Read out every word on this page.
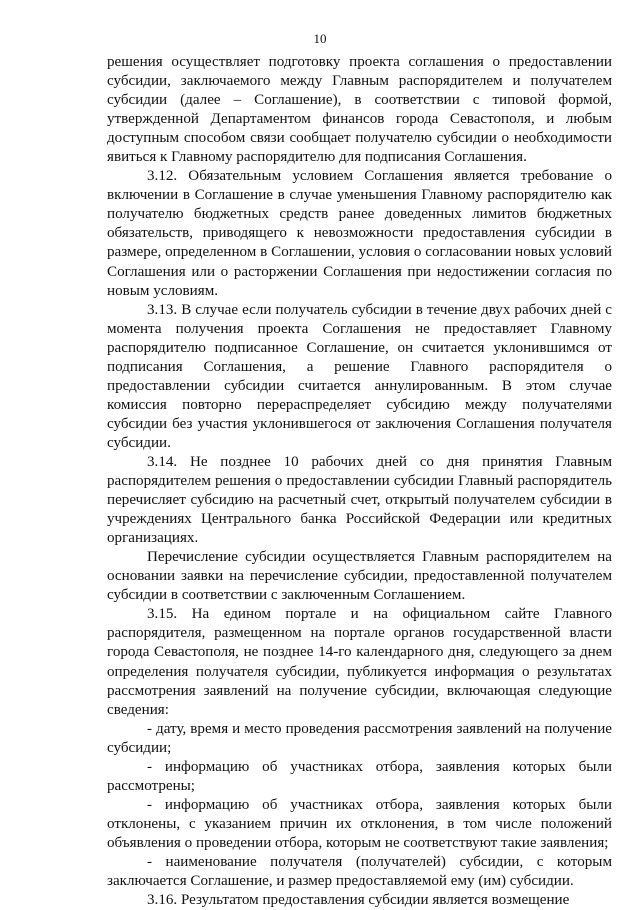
10

решения осуществляет подготовку проекта соглашения о предоставлении субсидии, заключаемого между Главным распорядителем и получателем субсидии (далее – Соглашение), в соответствии с типовой формой, утвержденной Департаментом финансов города Севастополя, и любым доступным способом связи сообщает получателю субсидии о необходимости явиться к Главному распорядителю для подписания Соглашения.

3.12. Обязательным условием Соглашения является требование о включении в Соглашение в случае уменьшения Главному распорядителю как получателю бюджетных средств ранее доведенных лимитов бюджетных обязательств, приводящего к невозможности предоставления субсидии в размере, определенном в Соглашении, условия о согласовании новых условий Соглашения или о расторжении Соглашения при недостижении согласия по новым условиям.

3.13. В случае если получатель субсидии в течение двух рабочих дней с момента получения проекта Соглашения не предоставляет Главному распорядителю подписанное Соглашение, он считается уклонившимся от подписания Соглашения, а решение Главного распорядителя о предоставлении субсидии считается аннулированным. В этом случае комиссия повторно перераспределяет субсидию между получателями субсидии без участия уклонившегося от заключения Соглашения получателя субсидии.

3.14. Не позднее 10 рабочих дней со дня принятия Главным распорядителем решения о предоставлении субсидии Главный распорядитель перечисляет субсидию на расчетный счет, открытый получателем субсидии в учреждениях Центрального банка Российской Федерации или кредитных организациях.

Перечисление субсидии осуществляется Главным распорядителем на основании заявки на перечисление субсидии, предоставленной получателем субсидии в соответствии с заключенным Соглашением.

3.15. На едином портале и на официальном сайте Главного распорядителя, размещенном на портале органов государственной власти города Севастополя, не позднее 14-го календарного дня, следующего за днем определения получателя субсидии, публикуется информация о результатах рассмотрения заявлений на получение субсидии, включающая следующие сведения:

- дату, время и место проведения рассмотрения заявлений на получение субсидии;

- информацию об участниках отбора, заявления которых были рассмотрены;

- информацию об участниках отбора, заявления которых были отклонены, с указанием причин их отклонения, в том числе положений объявления о проведении отбора, которым не соответствуют такие заявления;

- наименование получателя (получателей) субсидии, с которым заключается Соглашение, и размер предоставляемой ему (им) субсидии.

3.16. Результатом предоставления субсидии является возмещение
